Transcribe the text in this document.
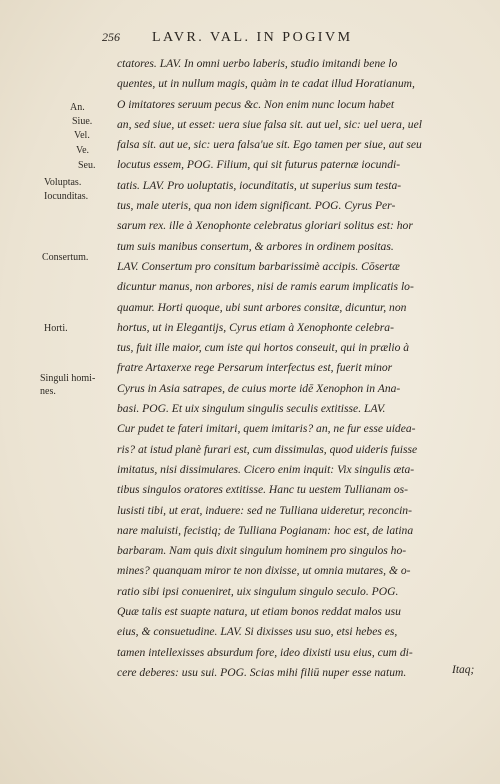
256	LAVR. VAL. IN POGIVM
An.
Siue.
Vel.
Ve.
Seu.
Voluptas.
Iocunditas.
Consertum.
Horti.
Singuli homi-
nes.
ctatores. LAV. In omni uerbo laberis, studio imitandi bene lo
quentes, ut in nullum magis, quàm in te cadat illud Horatianum,
O imitatores seruum pecus &c. Non enim nunc locum habet
an, sed siue, ut esset: uera siue falsa sit. aut uel, sic: uel uera, uel
falsa sit. aut ue, sic: uera falsa'ue sit. Ego tamen per siue, aut seu
locutus essem, POG. Filium, qui sit futurus paternæ iocundi-
tatis. LAV. Pro uoluptatis, iocunditatis, ut superius sum testa-
tus, male uteris, qua non idem significant. POG. Cyrus Per-
sarum rex. ille à Xenophonte celebratus gloriari solitus est: hor
tum suis manibus consertum, & arbores in ordinem positas.
LAV. Consertum pro consitum barbarissimè accipis. Cōsertæ
dicuntur manus, non arbores, nisi de ramis earum implicatis lo-
quamur. Horti quoque, ubi sunt arbores consitæ, dicuntur, non
hortus, ut in Elegantijs, Cyrus etiam à Xenophonte celebra-
tus, fuit ille maior, cum iste qui hortos conseuit, qui in prælio à
fratre Artaxerxe rege Persarum interfectus est, fuerit minor
Cyrus in Asia satrapes, de cuius morte idē Xenophon in Ana-
basi. POG. Et uix singulum singulis seculis extitisse. LAV.
Cur pudet te fateri imitari, quem imitaris? an, ne fur esse uidea-
ris? at istud planè furari est, cum dissimulas, quod uideris fuisse
imitatus, nisi dissimulares. Cicero enim inquit: Vix singulis æta-
tibus singulos oratores extitisse. Hanc tu uestem Tullianam os-
lusisti tibi, ut erat, induere: sed ne Tulliana uideretur, reconcin-
nare maluisti, fecistiq; de Tulliana Pogianam: hoc est, de latina
barbaram. Nam quis dixit singulum hominem pro singulos ho-
mines? quanquam miror te non dixisse, ut omnia mutares, & o-
ratio sibi ipsi conueniret, uix singulum singulo seculo. POG.
Quæ talis est suapte natura, ut etiam bonos reddat malos usu
eius, & consuetudine. LAV. Si dixisses usu suo, etsi hebes es,
tamen intellexisses absurdum fore, ideo dixisti usu eius, cum di-
cere deberes: usu sui. POG. Scias mihi filiū nuper esse natum.	Itaq;
